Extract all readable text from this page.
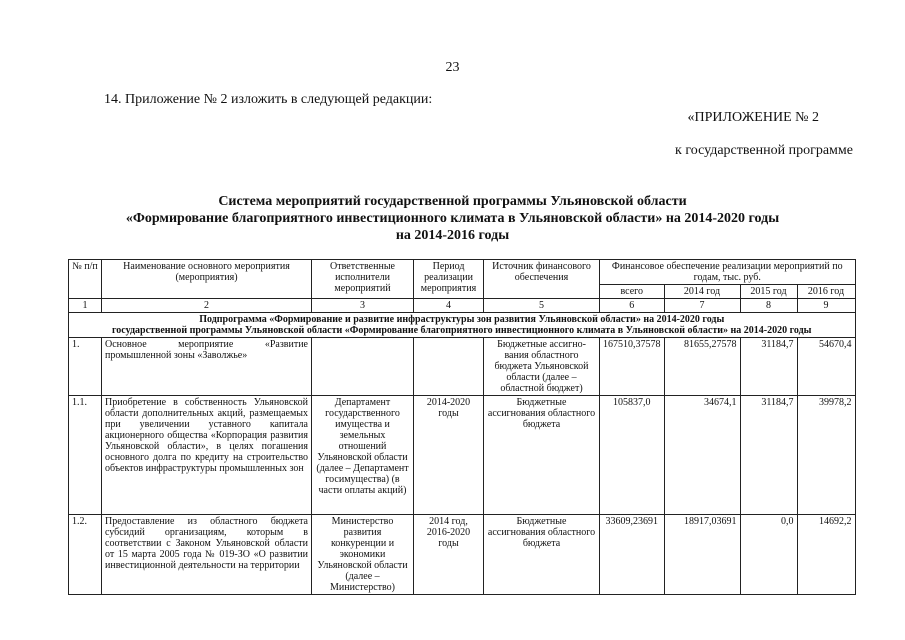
23
14. Приложение № 2 изложить в следующей редакции:
«ПРИЛОЖЕНИЕ № 2
к государственной программе
Система мероприятий государственной программы Ульяновской области
«Формирование благоприятного инвестиционного климата в Ульяновской области» на 2014-2020 годы
на 2014-2016 годы
№ п/п	Наименование основного мероприятия (мероприятия)	Ответственные исполнители мероприятий	Период реализации мероприятия	Источник финансового обеспечения	Финансовое обеспечение реализации мероприятий по годам, тыс. руб.			
					всего	2014 год	2015 год	2016 год
1	2	3	4	5	6	7	8	9

Подпрограмма «Формирование и развитие инфраструктуры зон развития Ульяновской области» на 2014-2020 годы
государственной программы Ульяновской области «Формирование благоприятного инвестиционного климата в Ульяновской области» на 2014-2020 годы								

1.	Основное мероприятие «Развитие промышленной зоны «Заволжье»			Бюджетные ассигно-вания областного бюджета Ульяновской области (далее – областной бюджет)	167510,37578	81655,27578	31184,7	54670,4
1.1.	Приобретение в собственность Ульяновской области дополнительных акций, размещаемых при увеличении уставного капитала акционерного общества «Корпорация развития Ульяновской области», в целях погашения основного долга по кредиту на строительство объектов инфраструктуры промышленных зон	Департамент государственного имущества и земельных отношений Ульяновской области (далее – Департамент госимущества) (в части оплаты акций)	2014-2020 годы	Бюджетные ассигнования областного бюджета	105837,0	34674,1	31184,7	39978,2
1.2.	Предоставление из областного бюджета субсидий организациям, которым в соответствии с Законом Ульяновской области от 15 марта 2005 года № 019-ЗО «О развитии инвестиционной деятельности на территории	Министерство развития конкуренции и экономики Ульяновской области (далее – Министерство)	2014 год, 2016-2020 годы	Бюджетные ассигнования областного бюджета	33609,23691	18917,03691	0,0	14692,2
